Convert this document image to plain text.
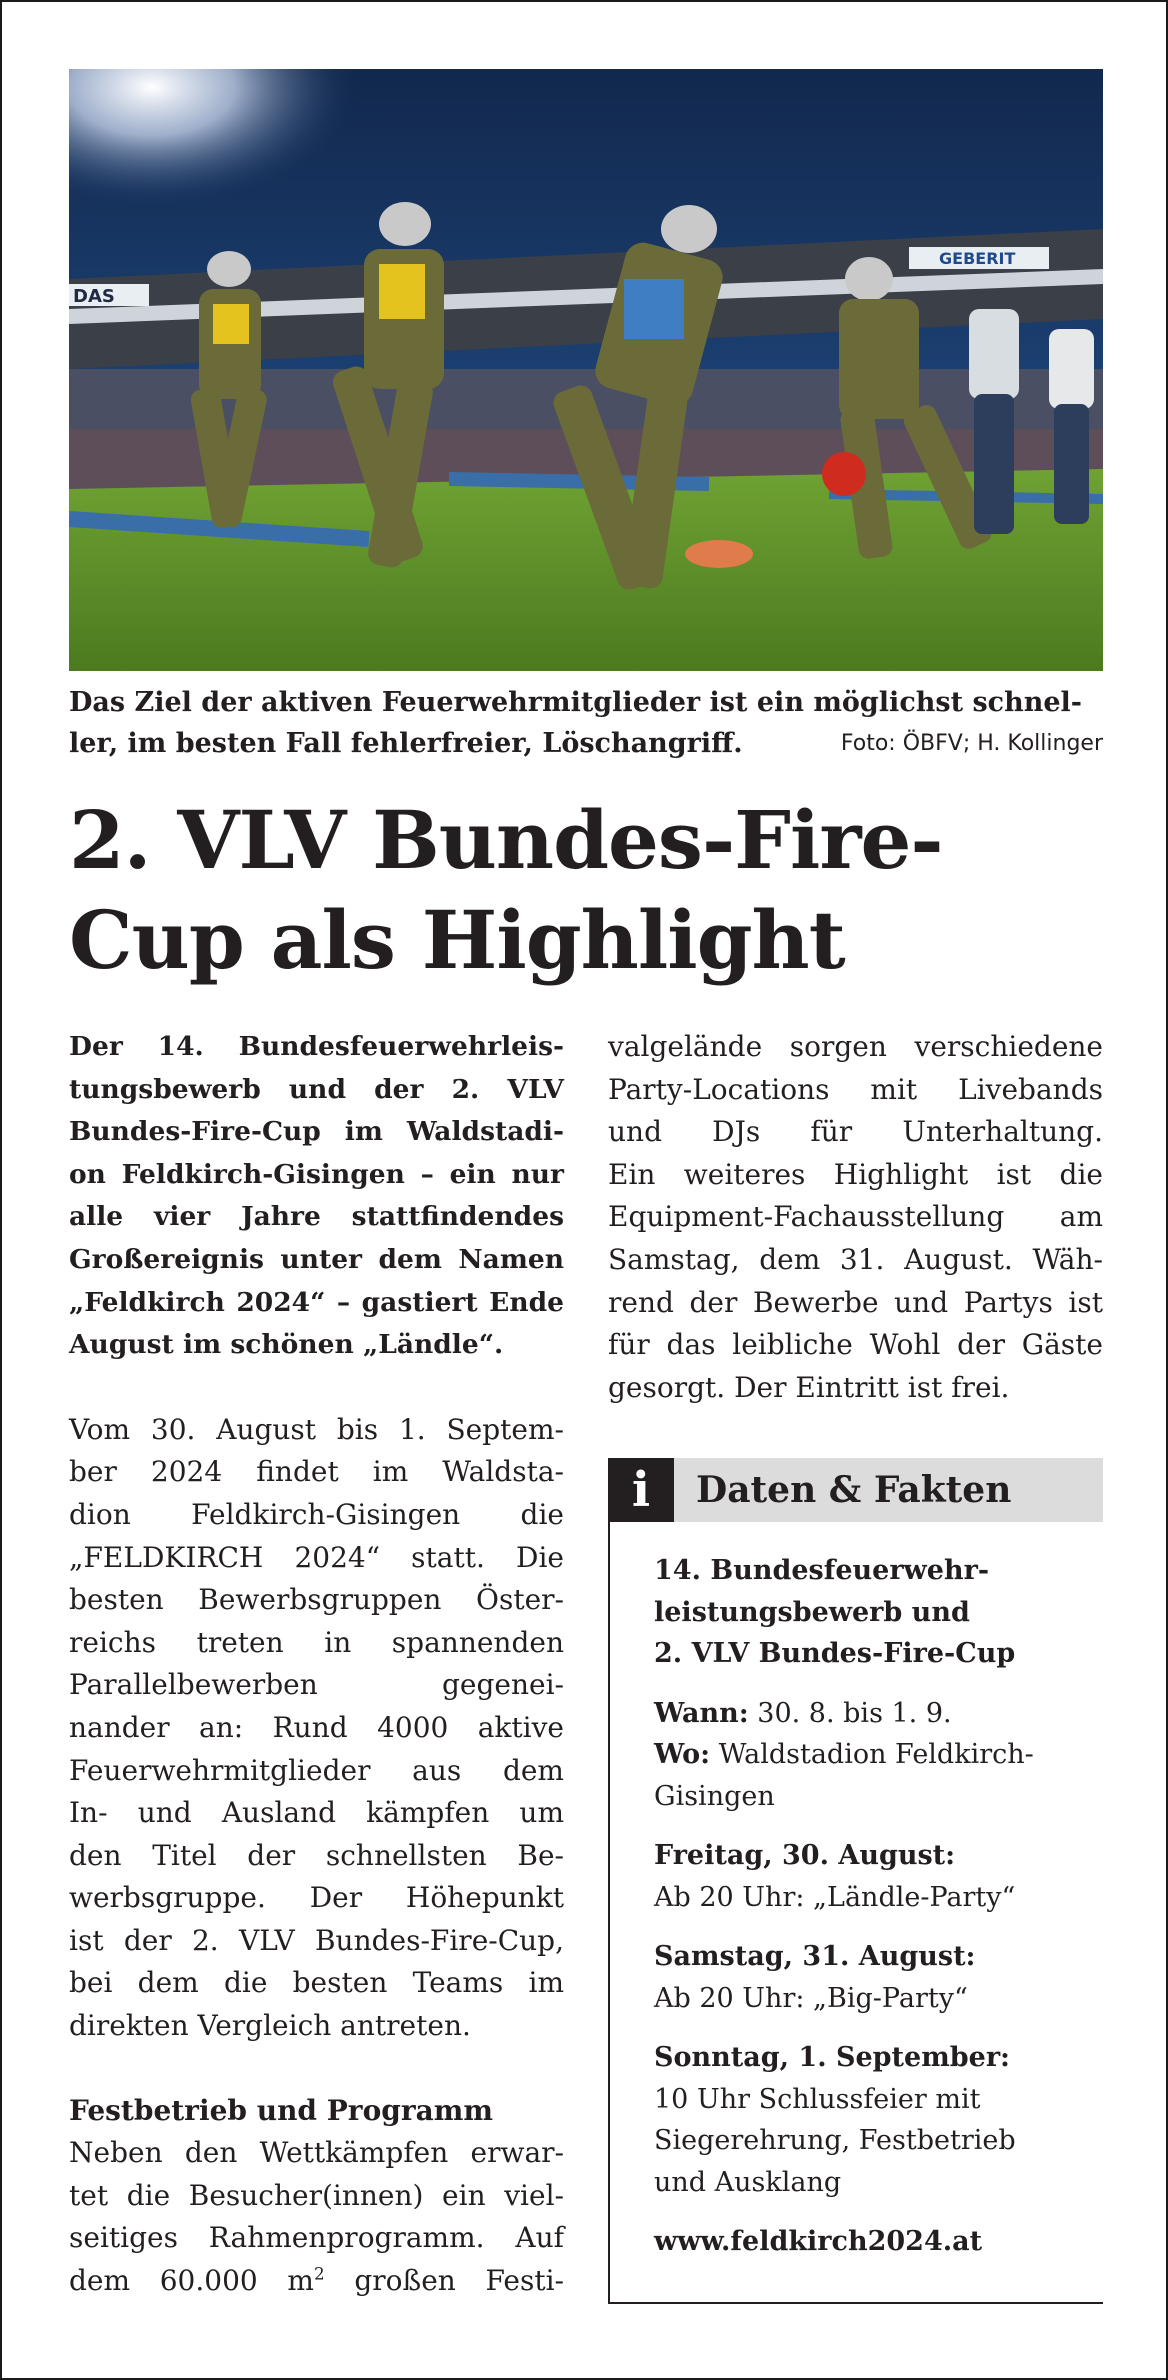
DAS
GEBERIT
Das Ziel der aktiven Feuerwehrmitglieder ist ein möglichst schnel-
ler, im besten Fall fehlerfreier, Löschangriff.	Foto: ÖBFV; H. Kollinger
2. VLV Bundes-Fire-
Cup als Highlight
Der 14. Bundesfeuerwehrleis-
tungsbewerb und der 2. VLV
Bundes-Fire-Cup im Waldstadi-
on Feldkirch-Gisingen – ein nur
alle vier Jahre stattfindendes
Großereignis unter dem Namen
„Feldkirch 2024“ – gastiert Ende
August im schönen „Ländle“.
Vom 30. August bis 1. Septem-
ber 2024 findet im Waldsta-
dion Feldkirch-Gisingen die
„FELDKIRCH 2024“ statt. Die
besten Bewerbsgruppen Öster-
reichs treten in spannenden
Parallelbewerben gegenei-
nander an: Rund 4000 aktive
Feuerwehrmitglieder aus dem
In- und Ausland kämpfen um
den Titel der schnellsten Be-
werbsgruppe. Der Höhepunkt
ist der 2. VLV Bundes-Fire-Cup,
bei dem die besten Teams im
direkten Vergleich antreten.
Festbetrieb und Programm
Neben den Wettkämpfen erwar-
tet die Besucher(innen) ein viel-
seitiges Rahmenprogramm. Auf
dem 60.000 $m^2$ großen Festi-
valgelände sorgen verschiedene
Party-Locations mit Livebands
und DJs für Unterhaltung.
Ein weiteres Highlight ist die
Equipment-Fachausstellung am
Samstag, dem 31. August. Wäh-
rend der Bewerbe und Partys ist
für das leibliche Wohl der Gäste
gesorgt. Der Eintritt ist frei.
i	Daten & Fakten
14. Bundesfeuerwehr-
leistungsbewerb und
2. VLV Bundes-Fire-Cup
Wann: 30. 8. bis 1. 9.
Wo: Waldstadion Feldkirch-
Gisingen
Freitag, 30. August:
Ab 20 Uhr: „Ländle-Party“
Samstag, 31. August:
Ab 20 Uhr: „Big-Party“
Sonntag, 1. September:
10 Uhr Schlussfeier mit
Siegerehrung, Festbetrieb
und Ausklang
www.feldkirch2024.at
